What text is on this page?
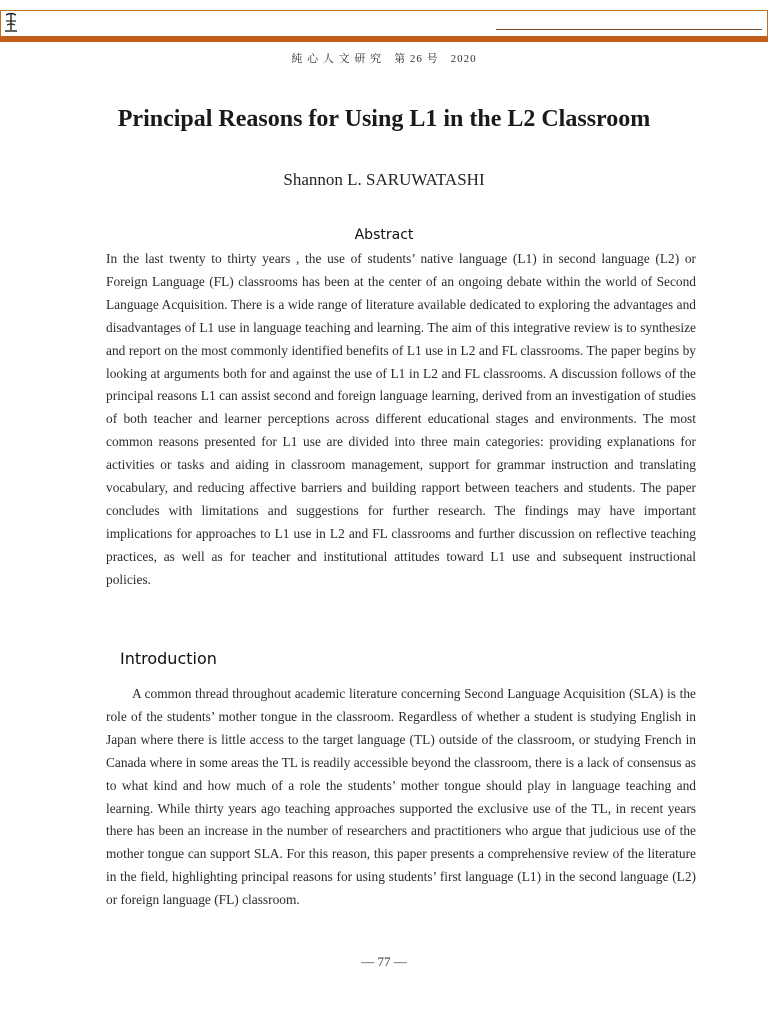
純 心 人 文 研 究　第 26 号　2020
Principal Reasons for Using L1 in the L2 Classroom
Shannon L. SARUWATASHI
Abstract
In the last twenty to thirty years , the use of students’ native language (L1) in second language (L2) or Foreign Language (FL) classrooms has been at the center of an ongoing debate within the world of Second Language Acquisition. There is a wide range of literature available dedicated to exploring the advantages and disadvantages of L1 use in language teaching and learning. The aim of this integrative review is to synthesize and report on the most commonly identified benefits of L1 use in L2 and FL classrooms. The paper begins by looking at arguments both for and against the use of L1 in L2 and FL classrooms. A discussion follows of the principal reasons L1 can assist second and foreign language learning, derived from an investigation of studies of both teacher and learner perceptions across different educational stages and environments. The most common reasons presented for L1 use are divided into three main categories: providing explanations for activities or tasks and aiding in classroom management, support for grammar instruction and translating vocabulary, and reducing affective barriers and building rapport between teachers and students. The paper concludes with limitations and suggestions for further research. The findings may have important implications for approaches to L1 use in L2 and FL classrooms and further discussion on reflective teaching practices, as well as for teacher and institutional attitudes toward L1 use and subsequent instructional policies.
Introduction
A common thread throughout academic literature concerning Second Language Acquisition (SLA) is the role of the students’ mother tongue in the classroom. Regardless of whether a student is studying English in Japan where there is little access to the target language (TL) outside of the classroom, or studying French in Canada where in some areas the TL is readily accessible beyond the classroom, there is a lack of consensus as to what kind and how much of a role the students’ mother tongue should play in language teaching and learning. While thirty years ago teaching approaches supported the exclusive use of the TL, in recent years there has been an increase in the number of researchers and practitioners who argue that judicious use of the mother tongue can support SLA. For this reason, this paper presents a comprehensive review of the literature in the field, highlighting principal reasons for using students’ first language (L1) in the second language (L2) or foreign language (FL) classroom.
— 77 —
